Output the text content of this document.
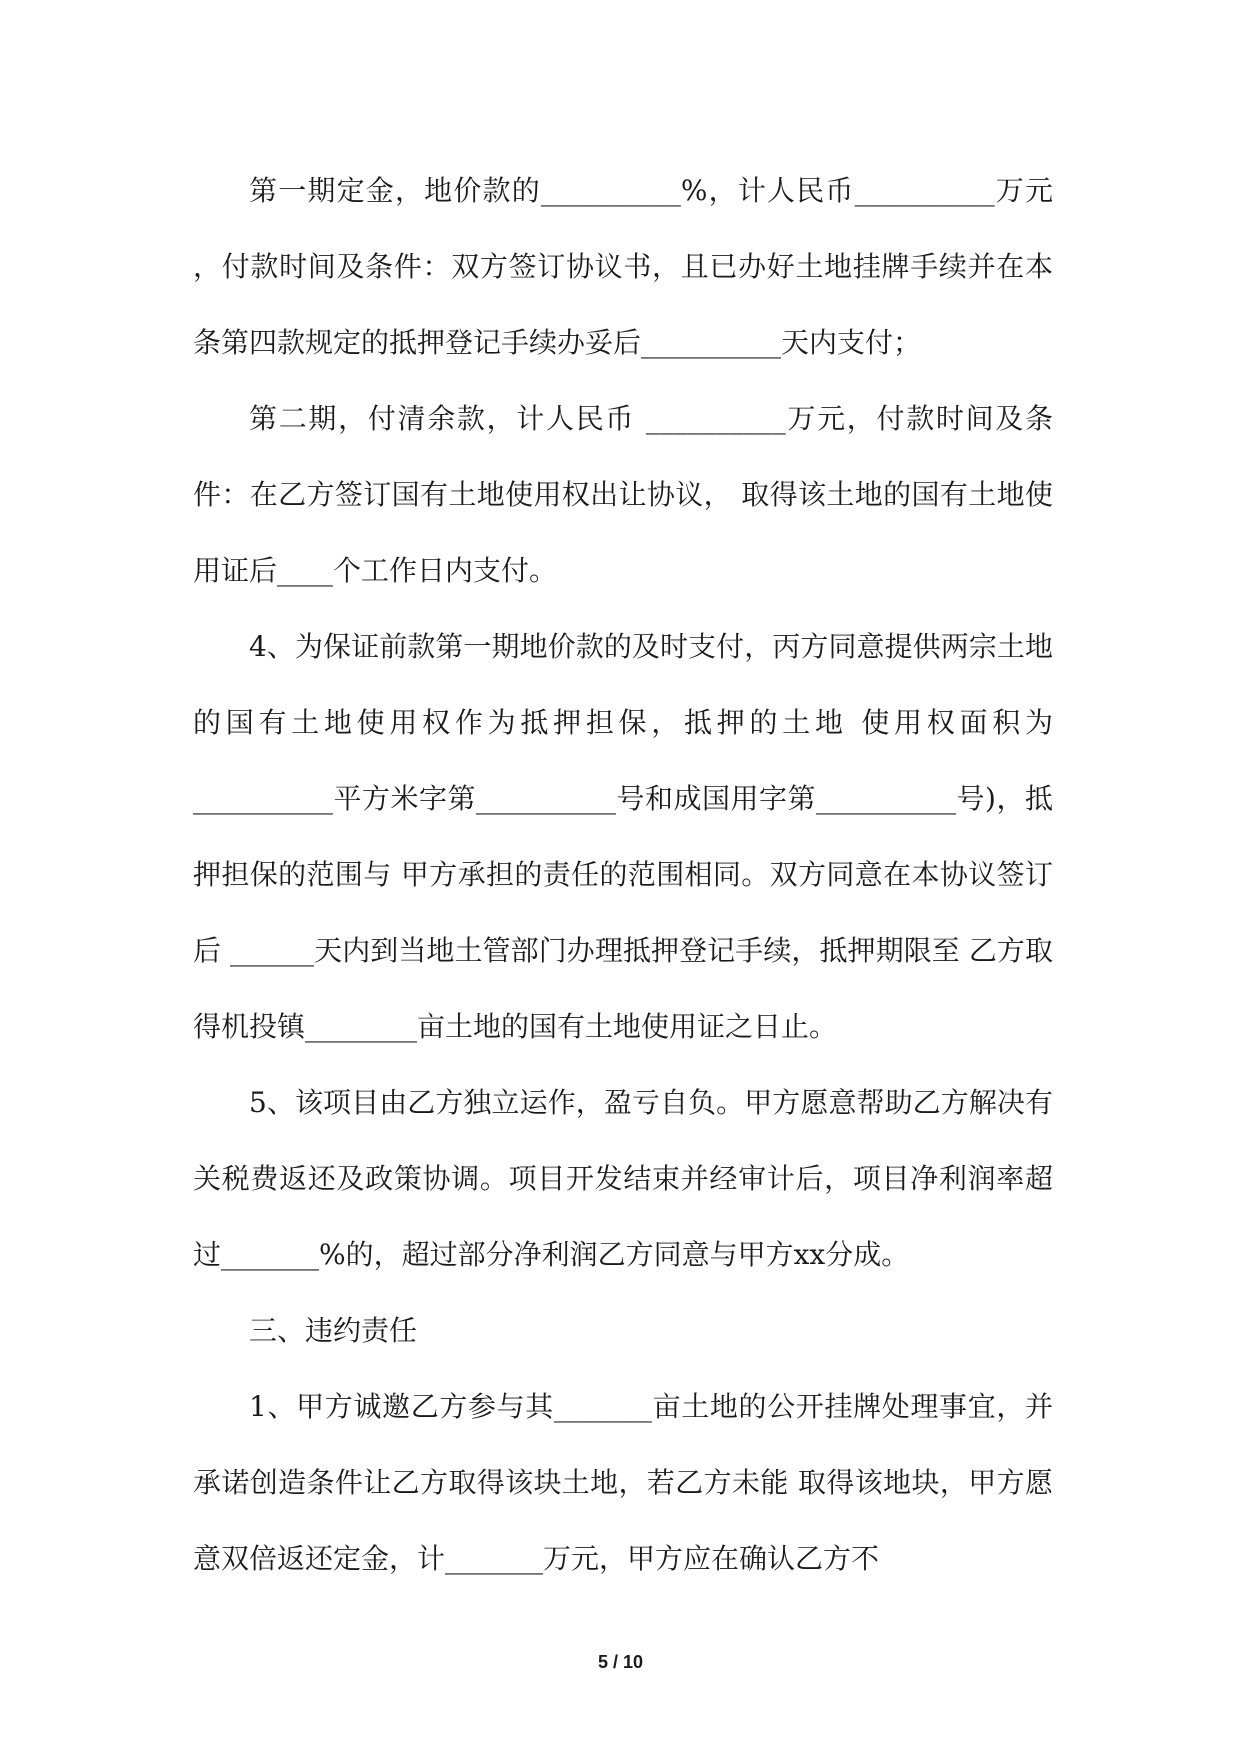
第一期定金，地价款的__________%，计人民币__________万元 ，付款时间及条件：双方签订协议书，且已办好土地挂牌手续并在本条第四款规定的抵押登记手续办妥后__________天内支付；

第二期，付清余款，计人民币 __________万元，付款时间及条件：在乙方签订国有土地使用权出让协议， 取得该土地的国有土地使用证后____个工作日内支付。

4、为保证前款第一期地价款的及时支付，丙方同意提供两宗土地的国有土地使用权作为抵押担保，抵押的土地 使用权面积为__________平方米字第__________号和成国用字第__________号)，抵押担保的范围与 甲方承担的责任的范围相同。双方同意在本协议签订后 ______天内到当地土管部门办理抵押登记手续，抵押期限至 乙方取得机投镇________亩土地的国有土地使用证之日止。

5、该项目由乙方独立运作，盈亏自负。甲方愿意帮助乙方解决有关税费返还及政策协调。项目开发结束并经审计后，项目净利润率超过_______%的，超过部分净利润乙方同意与甲方xx分成。

三、违约责任

1、甲方诚邀乙方参与其_______亩土地的公开挂牌处理事宜，并承诺创造条件让乙方取得该块土地，若乙方未能 取得该地块，甲方愿意双倍返还定金，计_______万元，甲方应在确认乙方不

5 / 10
